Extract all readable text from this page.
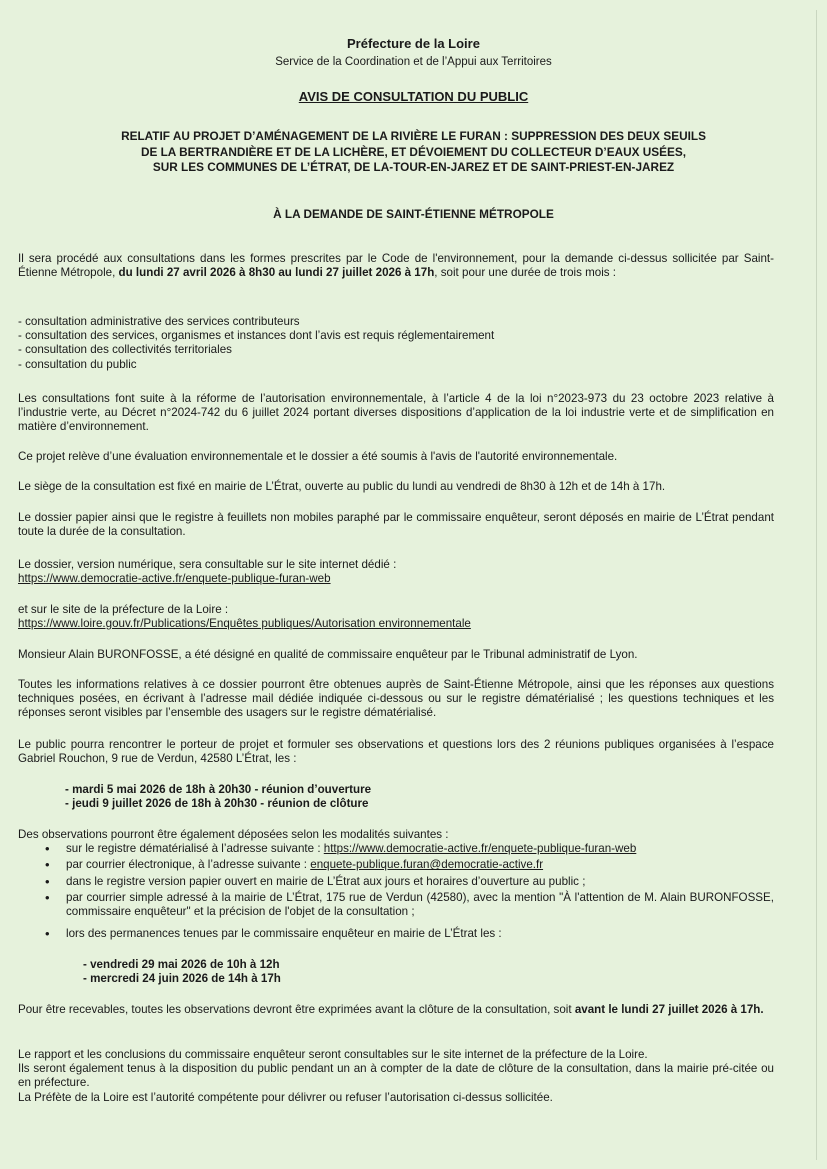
Préfecture de la Loire
Service de la Coordination et de l’Appui aux Territoires
AVIS DE CONSULTATION DU PUBLIC
RELATIF AU PROJET D’AMÉNAGEMENT DE LA RIVIÈRE LE FURAN : SUPPRESSION DES DEUX SEUILS
DE LA BERTRANDIÈRE ET DE LA LICHÈRE, ET DÉVOIEMENT DU COLLECTEUR D’EAUX USÉES,
SUR LES COMMUNES DE L’ÉTRAT, DE LA-TOUR-EN-JAREZ ET DE SAINT-PRIEST-EN-JAREZ
À LA DEMANDE DE SAINT-ÉTIENNE MÉTROPOLE
Il sera procédé aux consultations dans les formes prescrites par le Code de l'environnement, pour la demande ci-dessus sollicitée par Saint-Étienne Métropole, du lundi 27 avril 2026 à 8h30 au lundi 27 juillet 2026 à 17h, soit pour une durée de trois mois :
- consultation administrative des services contributeurs
- consultation des services, organismes et instances dont l’avis est requis réglementairement
- consultation des collectivités territoriales
- consultation du public
Les consultations font suite à la réforme de l’autorisation environnementale, à l’article 4 de la loi n°2023-973 du 23 octobre 2023 relative à l’industrie verte, au Décret n°2024-742 du 6 juillet 2024 portant diverses dispositions d’application de la loi industrie verte et de simplification en matière d’environnement.
Ce projet relève d’une évaluation environnementale et le dossier a été soumis à l'avis de l'autorité environnementale.
Le siège de la consultation est fixé en mairie de L’Étrat, ouverte au public du lundi au vendredi de 8h30 à 12h et de 14h à 17h.
Le dossier papier ainsi que le registre à feuillets non mobiles paraphé par le commissaire enquêteur, seront déposés en mairie de L’Étrat pendant toute la durée de la consultation.
Le dossier, version numérique, sera consultable sur le site internet dédié :
https://www.democratie-active.fr/enquete-publique-furan-web
et sur le site de la préfecture de la Loire :
https://www.loire.gouv.fr/Publications/Enquêtes publiques/Autorisation environnementale
Monsieur Alain BURONFOSSE, a été désigné en qualité de commissaire enquêteur par le Tribunal administratif de Lyon.
Toutes les informations relatives à ce dossier pourront être obtenues auprès de Saint-Étienne Métropole, ainsi que les réponses aux questions techniques posées, en écrivant à l’adresse mail dédiée indiquée ci-dessous ou sur le registre dématérialisé ; les questions techniques et les réponses seront visibles par l’ensemble des usagers sur le registre dématérialisé.
Le public pourra rencontrer le porteur de projet et formuler ses observations et questions lors des 2 réunions publiques organisées à l’espace Gabriel Rouchon, 9 rue de Verdun, 42580 L’Étrat, les :
- mardi 5 mai 2026 de 18h à 20h30 - réunion d’ouverture
- jeudi 9 juillet 2026 de 18h à 20h30 - réunion de clôture
Des observations pourront être également déposées selon les modalités suivantes :
• sur le registre dématérialisé à l’adresse suivante : https://www.democratie-active.fr/enquete-publique-furan-web
• par courrier électronique, à l’adresse suivante : enquete-publique.furan@democratie-active.fr
• dans le registre version papier ouvert en mairie de L’Étrat aux jours et horaires d’ouverture au public ;
• par courrier simple adressé à la mairie de L’Étrat, 175 rue de Verdun (42580), avec la mention "À l'attention de M. Alain BURONFOSSE, commissaire enquêteur" et la précision de l'objet de la consultation ;
• lors des permanences tenues par le commissaire enquêteur en mairie de L’Étrat les :
- vendredi 29 mai 2026 de 10h à 12h
- mercredi 24 juin 2026 de 14h à 17h
Pour être recevables, toutes les observations devront être exprimées avant la clôture de la consultation, soit avant le lundi 27 juillet 2026 à 17h.

Le rapport et les conclusions du commissaire enquêteur seront consultables sur le site internet de la préfecture de la Loire.

Ils seront également tenus à la disposition du public pendant un an à compter de la date de clôture de la consultation, dans la mairie pré-citée ou en préfecture.

La Préfète de la Loire est l’autorité compétente pour délivrer ou refuser l’autorisation ci-dessus sollicitée.
